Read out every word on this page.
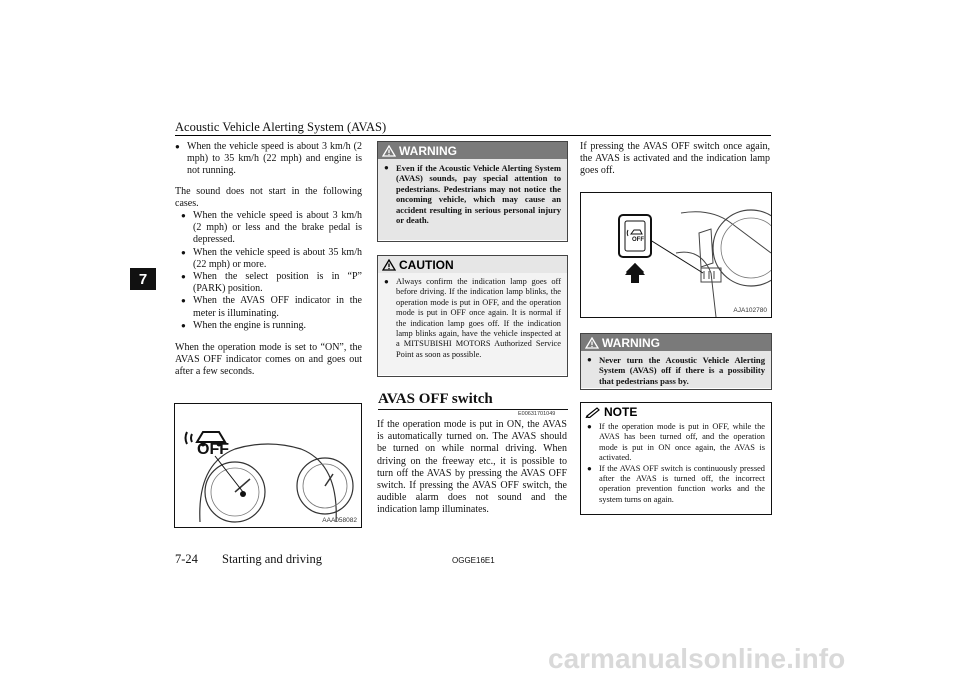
Acoustic Vehicle Alerting System (AVAS)
7
● When the vehicle speed is about 3 km/h (2 mph) to 35 km/h (22 mph) and engine is not running.

The sound does not start in the following cases.

● When the vehicle speed is about 3 km/h (2 mph) or less and the brake pedal is depressed.
● When the vehicle speed is about 35 km/h (22 mph) or more.
● When the select position is in “P” (PARK) position.
● When the AVAS OFF indicator in the meter is illuminating.
● When the engine is running.

When the operation mode is set to “ON”, the AVAS OFF indicator comes on and goes out after a few seconds.

OFF
AAA058082
WARNING
● Even if the Acoustic Vehicle Alerting System (AVAS) sounds, pay special attention to pedestrians. Pedestrians may not notice the oncoming vehicle, which may cause an accident resulting in serious personal injury or death.
CAUTION
● Always confirm the indication lamp goes off before driving. If the indication lamp blinks, the operation mode is put in OFF, and the operation mode is put in OFF once again. It is normal if the indication lamp goes off. If the indication lamp blinks again, have the vehicle inspected at a MITSUBISHI MOTORS Authorized Service Point as soon as possible.
AVAS OFF switch
E00631701049
If the operation mode is put in ON, the AVAS is automatically turned on. The AVAS should be turned on while normal driving. When driving on the freeway etc., it is possible to turn off the AVAS by pressing the AVAS OFF switch. If pressing the AVAS OFF switch, the audible alarm does not sound and the indication lamp illuminates.
If pressing the AVAS OFF switch once again, the AVAS is activated and the indication lamp goes off.
OFF
AJA102780
WARNING
● Never turn the Acoustic Vehicle Alerting System (AVAS) off if there is a possibility that pedestrians pass by.
NOTE
● If the operation mode is put in OFF, while the AVAS has been turned off, and the operation mode is put in ON once again, the AVAS is activated.
● If the AVAS OFF switch is continuously pressed after the AVAS is turned off, the incorrect operation prevention function works and the system turns on again.
7-24 Starting and driving	OGGE16E1
carmanualsonline.info
